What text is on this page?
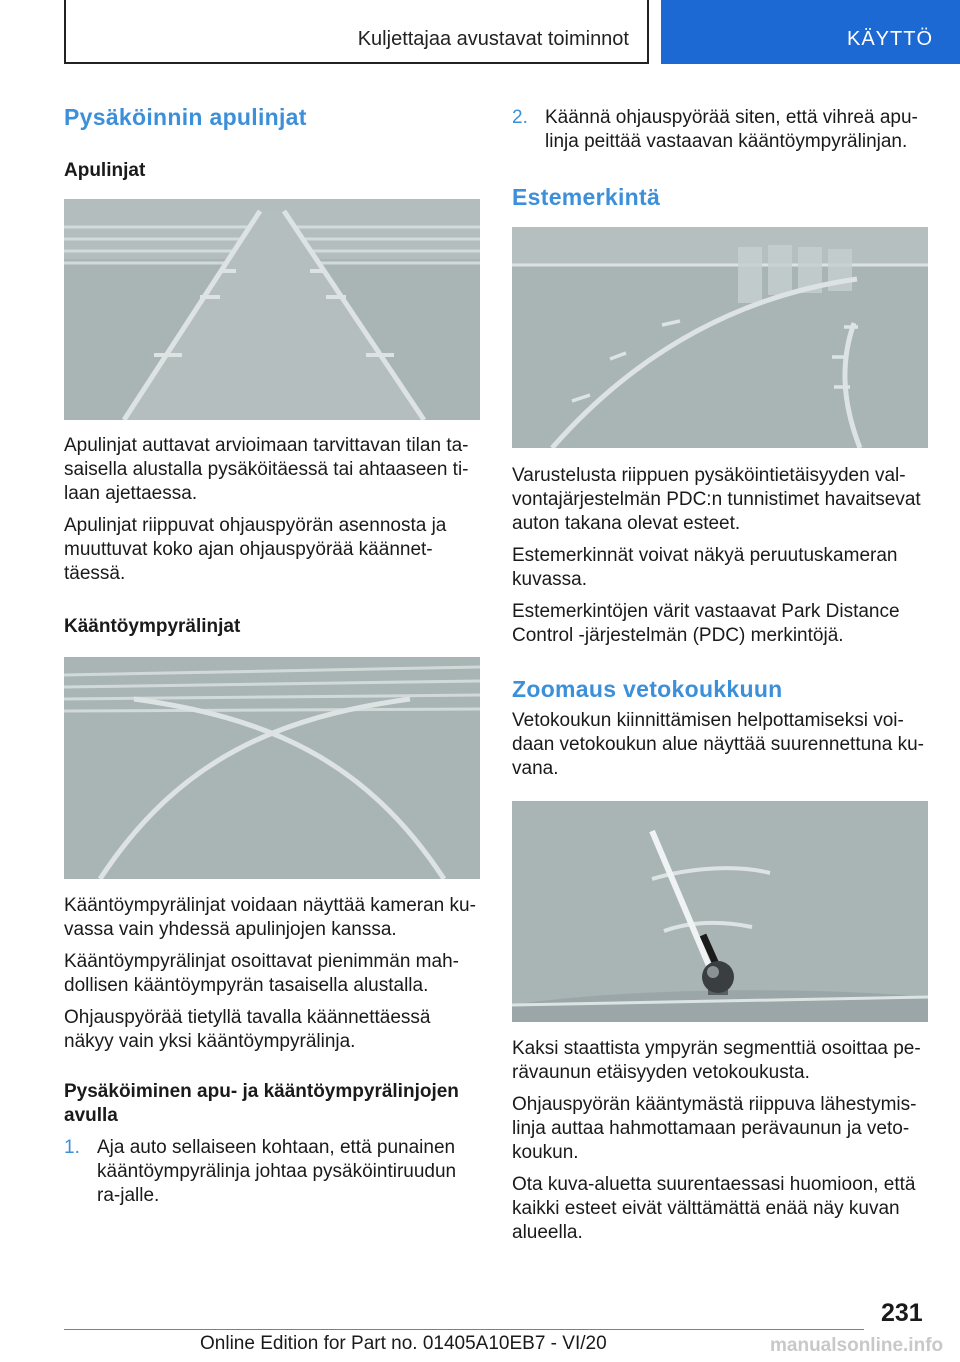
Kuljettajaa avustavat toiminnot	KÄYTTÖ
Pysäköinnin apulinjat
Apulinjat

Apulinjat auttavat arvioimaan tarvittavan tilan ta-saisella alustalla pysäköitäessä tai ahtaaseen ti-laan ajettaessa.

Apulinjat riippuvat ohjauspyörän asennosta ja muuttuvat koko ajan ohjauspyörää käännet-täessä.

Kääntöympyrälinjat

Kääntöympyrälinjat voidaan näyttää kameran ku-vassa vain yhdessä apulinjojen kanssa.

Kääntöympyrälinjat osoittavat pienimmän mah-dollisen kääntöympyrän tasaisella alustalla.

Ohjauspyörää tietyllä tavalla käännettäessä näkyy vain yksi kääntöympyrälinja.

Pysäköiminen apu- ja kääntöympyrälinjojen avulla
1. Aja auto sellaiseen kohtaan, että punainen kääntöympyrälinja johtaa pysäköintiruudun ra-jalle.
2. Käännä ohjauspyörää siten, että vihreä apu-linja peittää vastaavan kääntöympyrälinjan.
Estemerkintä

Varustelusta riippuen pysäköintietäisyyden val-vontajärjestelmän PDC:n tunnistimet havaitsevat auton takana olevat esteet.

Estemerkinnät voivat näkyä peruutuskameran kuvassa.

Estemerkintöjen värit vastaavat Park Distance Control -järjestelmän (PDC) merkintöjä.

Zoomaus vetokoukkuun

Vetokoukun kiinnittämisen helpottamiseksi voi-daan vetokoukun alue näyttää suurennettuna ku-vana.

Kaksi staattista ympyrän segmenttiä osoittaa pe-rävaunun etäisyyden vetokoukusta.

Ohjauspyörän kääntymästä riippuva lähestymis-linja auttaa hahmottamaan perävaunun ja veto-koukun.

Ota kuva-aluetta suurentaessasi huomioon, että kaikki esteet eivät välttämättä enää näy kuvan alueella.

231
Online Edition for Part no. 01405A10EB7 - VI/20	manualsonline.info
